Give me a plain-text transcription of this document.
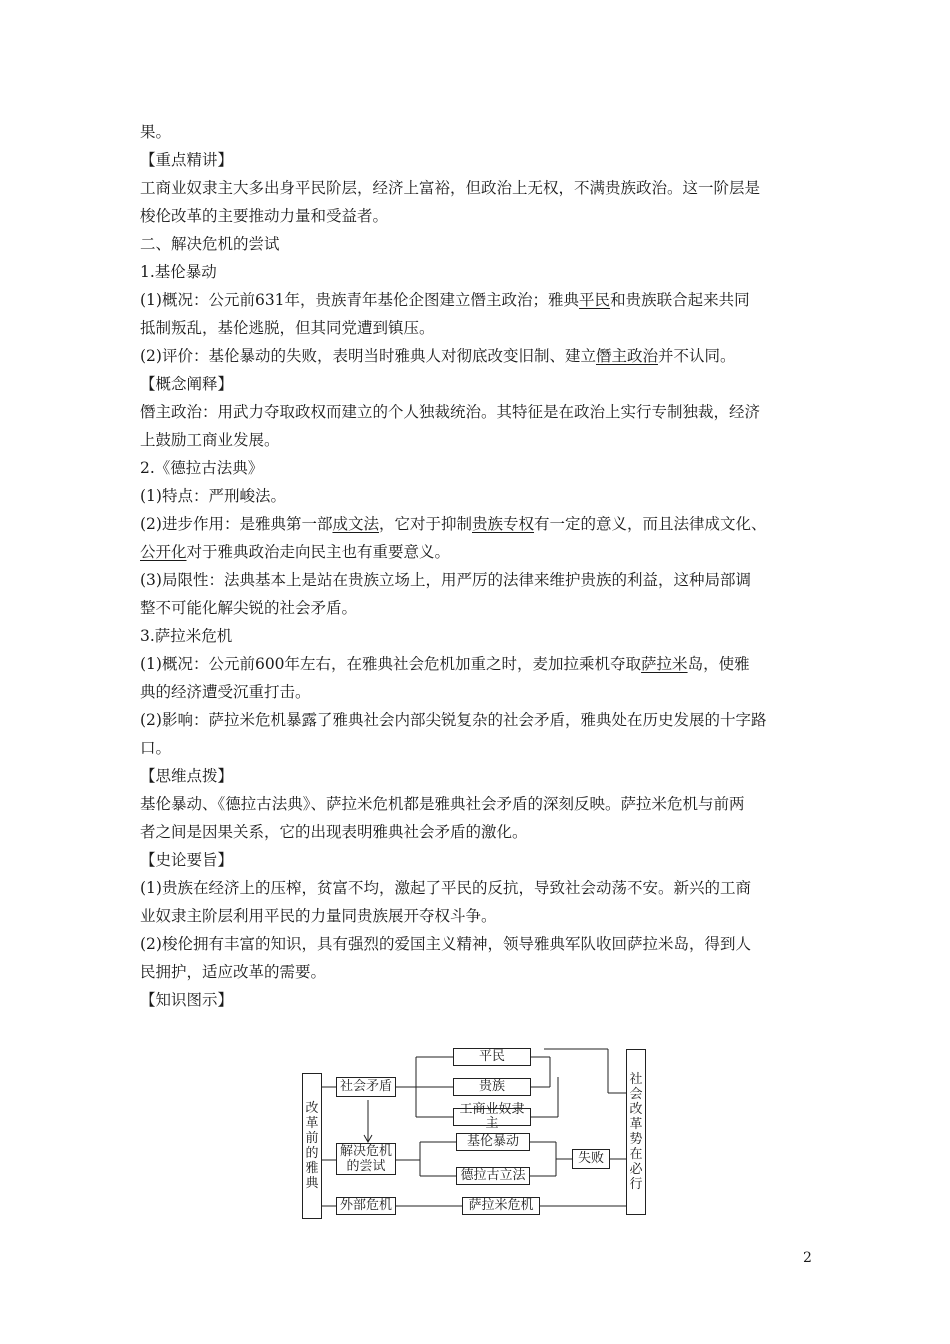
果。
【重点精讲】
工商业奴隶主大多出身平民阶层，经济上富裕，但政治上无权，不满贵族政治。这一阶层是
梭伦改革的主要推动力量和受益者。
二、解决危机的尝试
1.基伦暴动
(1)概况：公元前631年，贵族青年基伦企图建立僭主政治；雅典平民和贵族联合起来共同
抵制叛乱，基伦逃脱，但其同党遭到镇压。
(2)评价：基伦暴动的失败，表明当时雅典人对彻底改变旧制、建立僭主政治并不认同。
【概念阐释】
僭主政治：用武力夺取政权而建立的个人独裁统治。其特征是在政治上实行专制独裁，经济
上鼓励工商业发展。
2.《德拉古法典》
(1)特点：严刑峻法。
(2)进步作用：是雅典第一部成文法，它对于抑制贵族专权有一定的意义，而且法律成文化、
公开化对于雅典政治走向民主也有重要意义。
(3)局限性：法典基本上是站在贵族立场上，用严厉的法律来维护贵族的利益，这种局部调
整不可能化解尖锐的社会矛盾。
3.萨拉米危机
(1)概况：公元前600年左右，在雅典社会危机加重之时，麦加拉乘机夺取萨拉米岛，使雅
典的经济遭受沉重打击。
(2)影响：萨拉米危机暴露了雅典社会内部尖锐复杂的社会矛盾，雅典处在历史发展的十字路
口。
【思维点拨】
基伦暴动、《德拉古法典》、萨拉米危机都是雅典社会矛盾的深刻反映。萨拉米危机与前两
者之间是因果关系，它的出现表明雅典社会矛盾的激化。
【史论要旨】
(1)贵族在经济上的压榨，贫富不均，激起了平民的反抗，导致社会动荡不安。新兴的工商
业奴隶主阶层利用平民的力量同贵族展开夺权斗争。
(2)梭伦拥有丰富的知识，具有强烈的爱国主义精神，领导雅典军队收回萨拉米岛，得到人
民拥护，适应改革的需要。
【知识图示】
改
革
前
的
雅
典
社会矛盾
平民
贵族
工商业奴隶主
解决危机
的尝试
基伦暴动
德拉古立法
失败
外部危机	萨拉米危机
社
会
改
革
势
在
必
行
2
